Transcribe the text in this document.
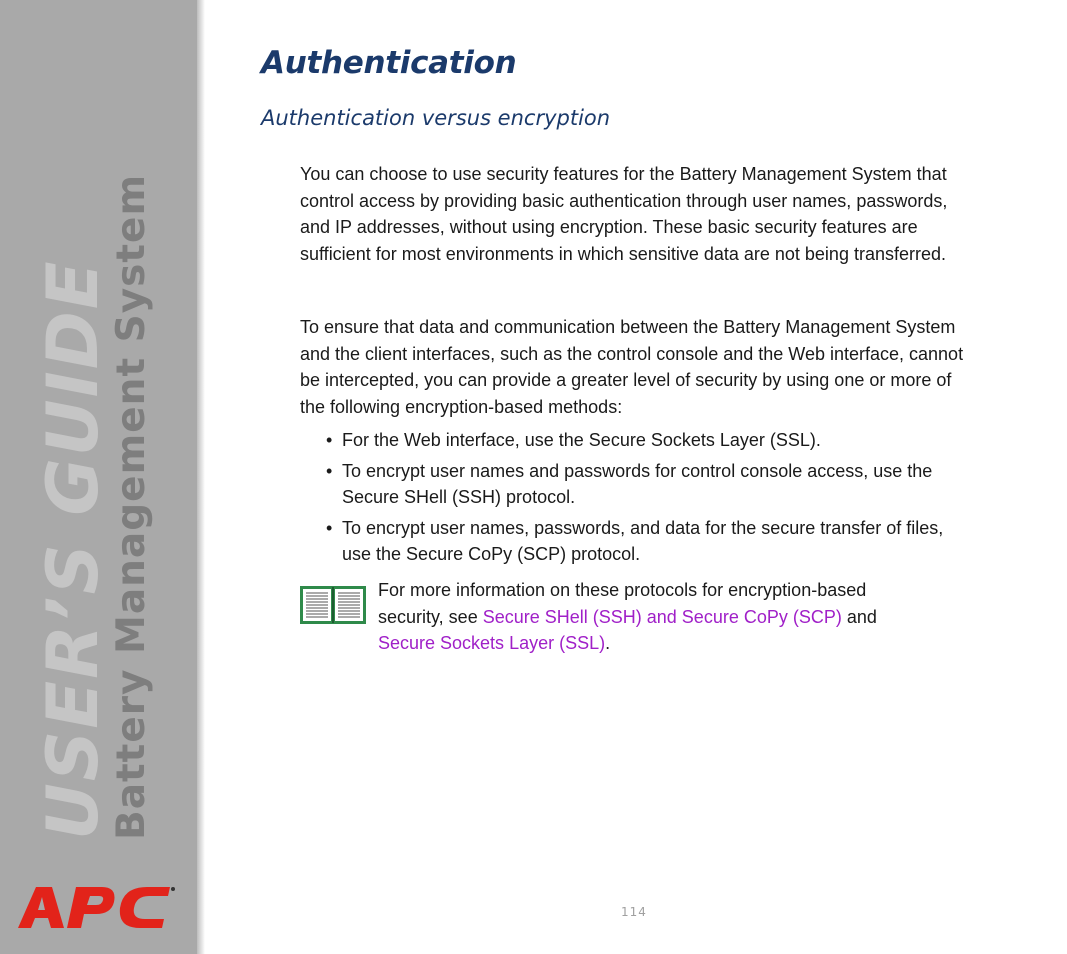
USER’S GUIDE
Battery Management System
Authentication
Authentication versus encryption

You can choose to use security features for the Battery Management System that control access by providing basic authentication through user names, passwords, and IP addresses, without using encryption. These basic security features are sufficient for most environments in which sensitive data are not being transferred.

To ensure that data and communication between the Battery Management System and the client interfaces, such as the control console and the Web interface, cannot be intercepted, you can provide a greater level of security by using one or more of the following encryption-based methods:

• For the Web interface, use the Secure Sockets Layer (SSL).
• To encrypt user names and passwords for control console access, use the Secure SHell (SSH) protocol.
• To encrypt user names, passwords, and data for the secure transfer of files, use the Secure CoPy (SCP) protocol.

For more information on these protocols for encryption-based security, see Secure SHell (SSH) and Secure CoPy (SCP) and Secure Sockets Layer (SSL).

114
